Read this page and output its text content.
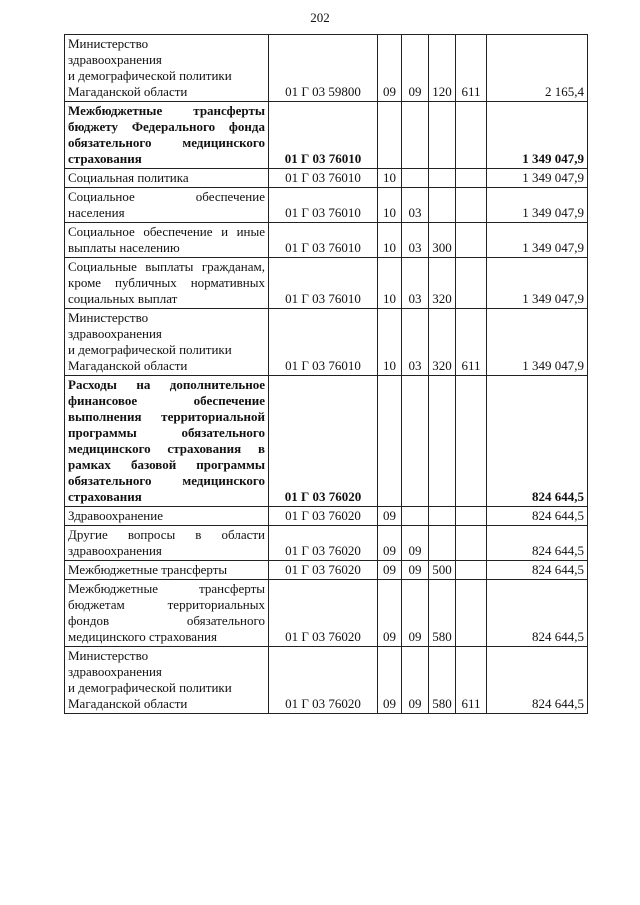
202
Министерство
здравоохранения
и демографической политики
Магаданской области	01 Г 03 59800	09	09	120	611	2 165,4

Межбюджетные трансферты бюджету Федерального фонда обязательного медицинского страхования	01 Г 03 76010					1 349 047,9

Социальная политика	01 Г 03 76010	10				1 349 047,9

Социальное обеспечение населения	01 Г 03 76010	10	03			1 349 047,9

Социальное обеспечение и иные выплаты населению	01 Г 03 76010	10	03	300		1 349 047,9

Социальные выплаты гражданам, кроме публичных нормативных социальных выплат	01 Г 03 76010	10	03	320		1 349 047,9

Министерство
здравоохранения
и демографической политики
Магаданской области	01 Г 03 76010	10	03	320	611	1 349 047,9

Расходы на дополнительное финансовое обеспечение выполнения территориальной программы обязательного медицинского страхования в рамках базовой программы обязательного медицинского страхования	01 Г 03 76020					824 644,5

Здравоохранение	01 Г 03 76020	09				824 644,5

Другие вопросы в области здравоохранения	01 Г 03 76020	09	09			824 644,5

Межбюджетные трансферты	01 Г 03 76020	09	09	500		824 644,5

Межбюджетные трансферты бюджетам территориальных фондов обязательного медицинского страхования	01 Г 03 76020	09	09	580		824 644,5

Министерство
здравоохранения
и демографической политики
Магаданской области	01 Г 03 76020	09	09	580	611	824 644,5
